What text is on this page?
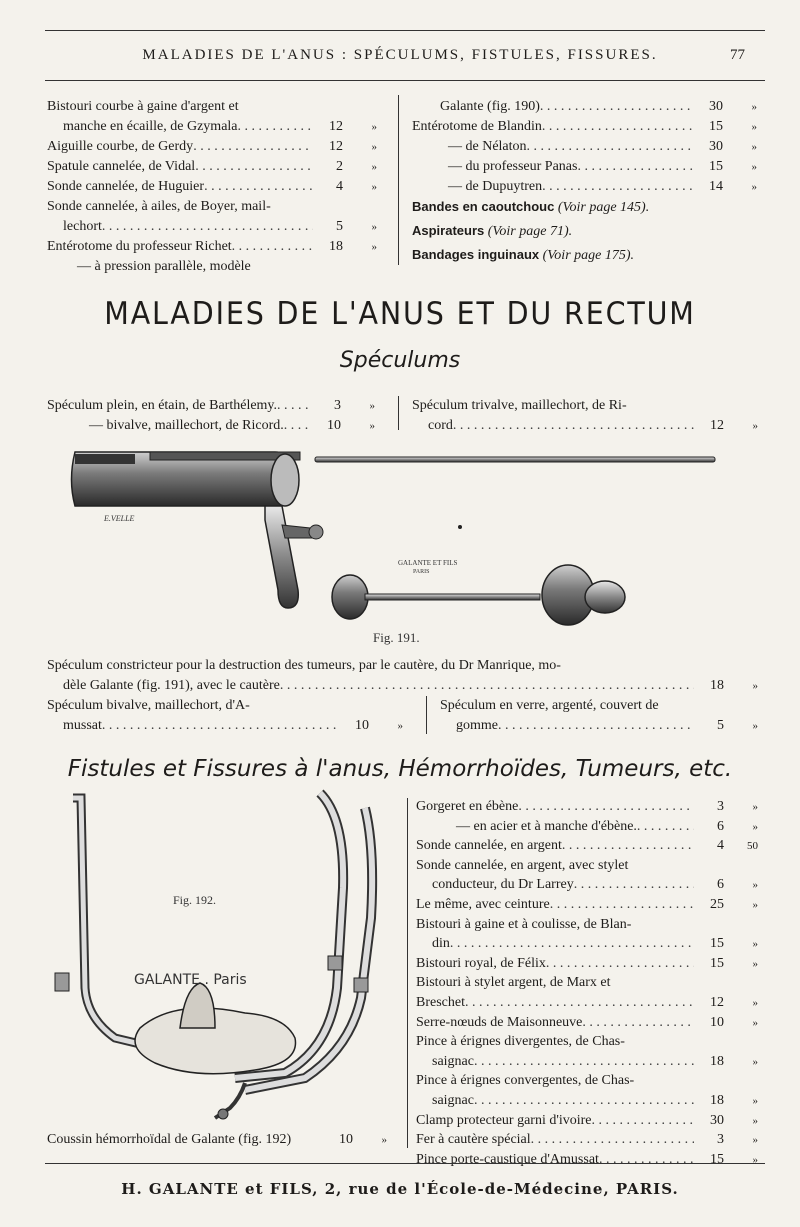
MALADIES DE L'ANUS : SPÉCULUMS, FISTULES, FISSURES.	77
Bistouri courbe à gaine d'argent et
manche en écaille, de Gzymala . . .	12	»
Aiguille courbe, de Gerdy . . .	12	»
Spatule cannelée, de Vidal . . .	2	»
Sonde cannelée, de Huguier . . .	4	»
Sonde cannelée, à ailes, de Boyer, mail-
lechort . . .	5	»
Entérotome du professeur Richet . . .	18	»
— à pression parallèle, modèle
Galante (fig. 190) . . .	30	»
Entérotome de Blandin . . .	15	»
— de Nélaton . . .	30	»
— du professeur Panas . . .	15	»
— de Dupuytren . . .	14	»
Bandes en caoutchouc (Voir page 145).
Aspirateurs (Voir page 71).
Bandages inguinaux (Voir page 175).
MALADIES DE L'ANUS ET DU RECTUM
Spéculums
Spéculum plein, en étain, de Barthélemy. . . .	3	»
— bivalve, maillechort, de Ricord. . . .	10	»
Spéculum trivalve, maillechort, de Ri-
cord . . .	12	»
E.VELLE
GALANTE ET FILS
PARIS
Fig. 191.
Spéculum constricteur pour la destruction des tumeurs, par le cautère, du Dr Manrique, mo-
dèle Galante (fig. 191), avec le cautère . . .	18	»
Spéculum bivalve, maillechort, d'A-
mussat . . .	10	»
Spéculum en verre, argenté, couvert de
gomme . . .	5	»
Fistules et Fissures à l'anus, Hémorrhoïdes, Tumeurs, etc.
Fig. 192.
GALANTE . Paris
Coussin hémorrhoïdal de Galante (fig. 192)	10	»
Gorgeret en ébène . . .	3	»
— en acier et à manche d'ébène. . . .	6	»
Sonde cannelée, en argent . . .	4	50
Sonde cannelée, en argent, avec stylet
conducteur, du Dr Larrey . . .	6	»
Le même, avec ceinture . . .	25	»
Bistouri à gaine et à coulisse, de Blan-
din . . .	15	»
Bistouri royal, de Félix . . .	15	»
Bistouri à stylet argent, de Marx et
Breschet . . .	12	»
Serre-nœuds de Maisonneuve . . .	10	»
Pince à érignes divergentes, de Chas-
saignac . . .	18	»
Pince à érignes convergentes, de Chas-
saignac . . .	18	»
Clamp protecteur garni d'ivoire . . .	30	»
Fer à cautère spécial . . .	3	»
Pince porte-caustique d'Amussat . . .	15	»
H. GALANTE et FILS, 2, rue de l'École-de-Médecine, PARIS.
